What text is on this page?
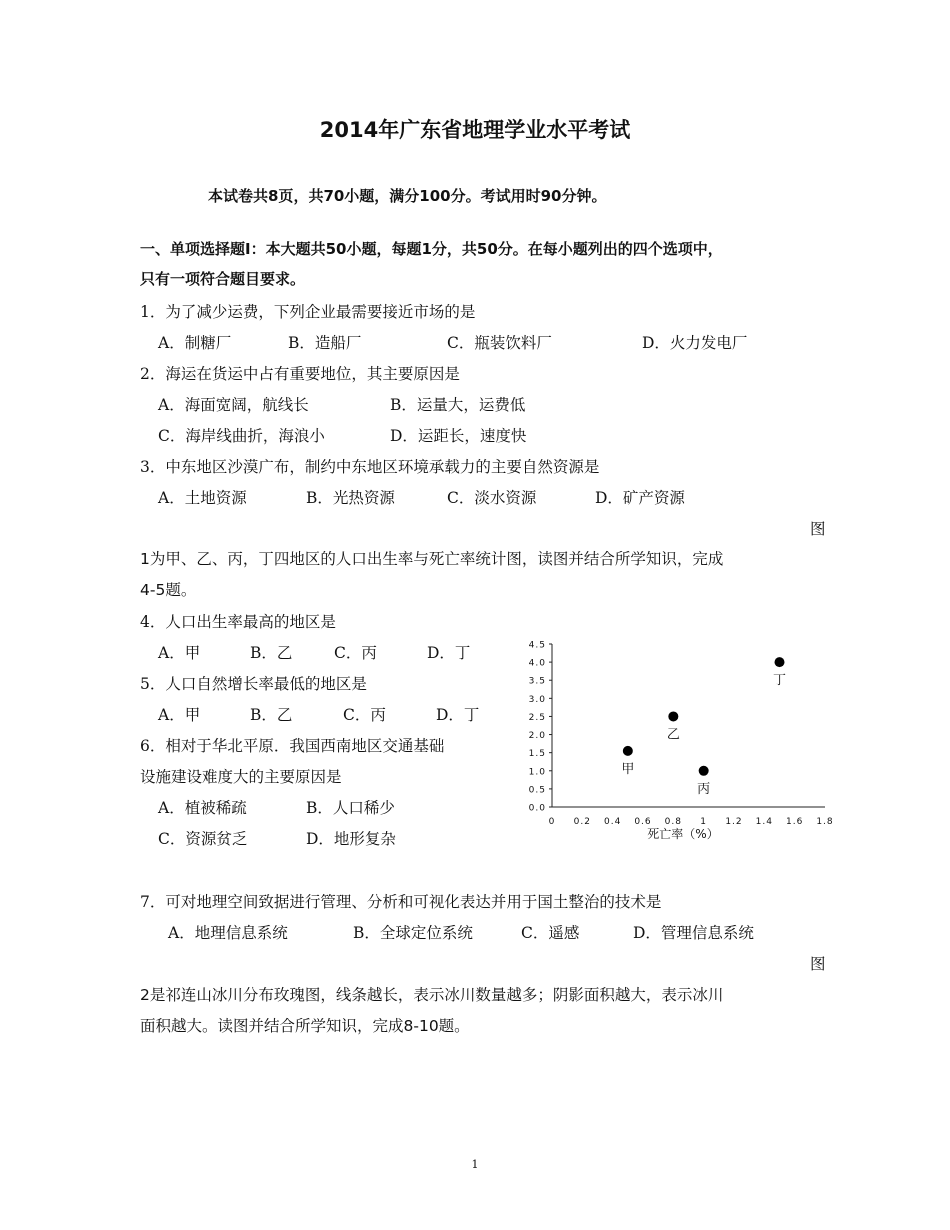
2014年广东省地理学业水平考试
本试卷共8页，共70小题，满分100分。考试用时90分钟。
一、单项选择题Ⅰ：本大题共50小题，每题1分，共50分。在每小题列出的四个选项中，
只有一项符合题目要求。
1．为了减少运费，下列企业最需要接近市场的是
A．制糖厂	B．造船厂	C．瓶装饮料厂	D．火力发电厂
2．海运在货运中占有重要地位，其主要原因是
A．海面宽阔，航线长	B．运量大，运费低
C．海岸线曲折，海浪小	D．运距长，速度快
3．中东地区沙漠广布，制约中东地区环境承载力的主要自然资源是
A．土地资源	B．光热资源	C．淡水资源	D．矿产资源
图
1为甲、乙、丙，丁四地区的人口出生率与死亡率统计图，读图并结合所学知识，完成
4-5题。
4．人口出生率最高的地区是
A．甲	B．乙	C．丙	D．丁
5．人口自然增长率最低的地区是
A．甲	B．乙	C．丙	D．丁
6．相对于华北平原．我国西南地区交通基础
设施建设难度大的主要原因是
A．植被稀疏	B．人口稀少
C．资源贫乏	D．地形复杂
0.0
0.5
1.0
1.5
2.0
2.5
3.0
3.5
4.0
4.5
0 0.2 0.4 0.6 0.8 1 1.2 1.4 1.6 1.8
甲
乙
丙
丁
死亡率（%）
7．可对地理空间致据进行管理、分析和可视化表达并用于国土整治的技术是
A．地理信息系统	B．全球定位系统	C．遥感	D．管理信息系统
图
2是祁连山冰川分布玫瑰图，线条越长，表示冰川数量越多；阴影面积越大，表示冰川
面积越大。读图并结合所学知识，完成8-10题。
1
